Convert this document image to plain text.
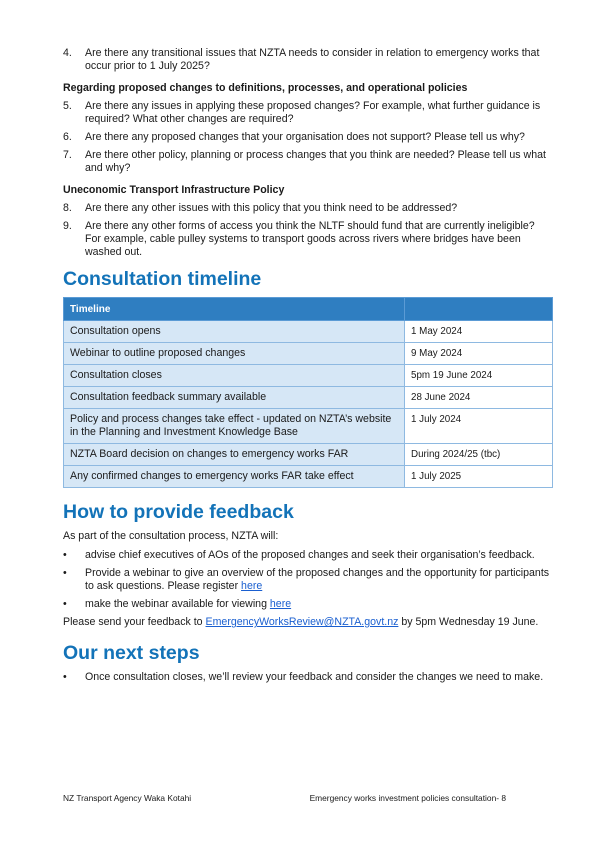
4.	Are there any transitional issues that NZTA needs to consider in relation to emergency works that occur prior to 1 July 2025?
Regarding proposed changes to definitions, processes, and operational policies
5.	Are there any issues in applying these proposed changes? For example, what further guidance is required? What other changes are required?
6.	Are there any proposed changes that your organisation does not support? Please tell us why?
7.	Are there other policy, planning or process changes that you think are needed? Please tell us what and why?
Uneconomic Transport Infrastructure Policy
8.	Are there any other issues with this policy that you think need to be addressed?
9.	Are there any other forms of access you think the NLTF should fund that are currently ineligible? For example, cable pulley systems to transport goods across rivers where bridges have been washed out.
Consultation timeline
Timeline	
Consultation opens	1 May 2024
Webinar to outline proposed changes	9 May 2024
Consultation closes	5pm 19 June 2024
Consultation feedback summary available	28 June 2024
Policy and process changes take effect - updated on NZTA’s website in the Planning and Investment Knowledge Base	1 July 2024
NZTA Board decision on changes to emergency works FAR	During 2024/25 (tbc)
Any confirmed changes to emergency works FAR take effect	1 July 2025
How to provide feedback

As part of the consultation process, NZTA will:

•	advise chief executives of AOs of the proposed changes and seek their organisation’s feedback.
•	Provide a webinar to give an overview of the proposed changes and the opportunity for participants to ask questions. Please register here
•	make the webinar available for viewing here

Please send your feedback to EmergencyWorksReview@NZTA.govt.nz by 5pm Wednesday 19 June.

Our next steps
•	Once consultation closes, we’ll review your feedback and consider the changes we need to make.
NZ Transport Agency Waka Kotahi	Emergency works investment policies consultation- 8
